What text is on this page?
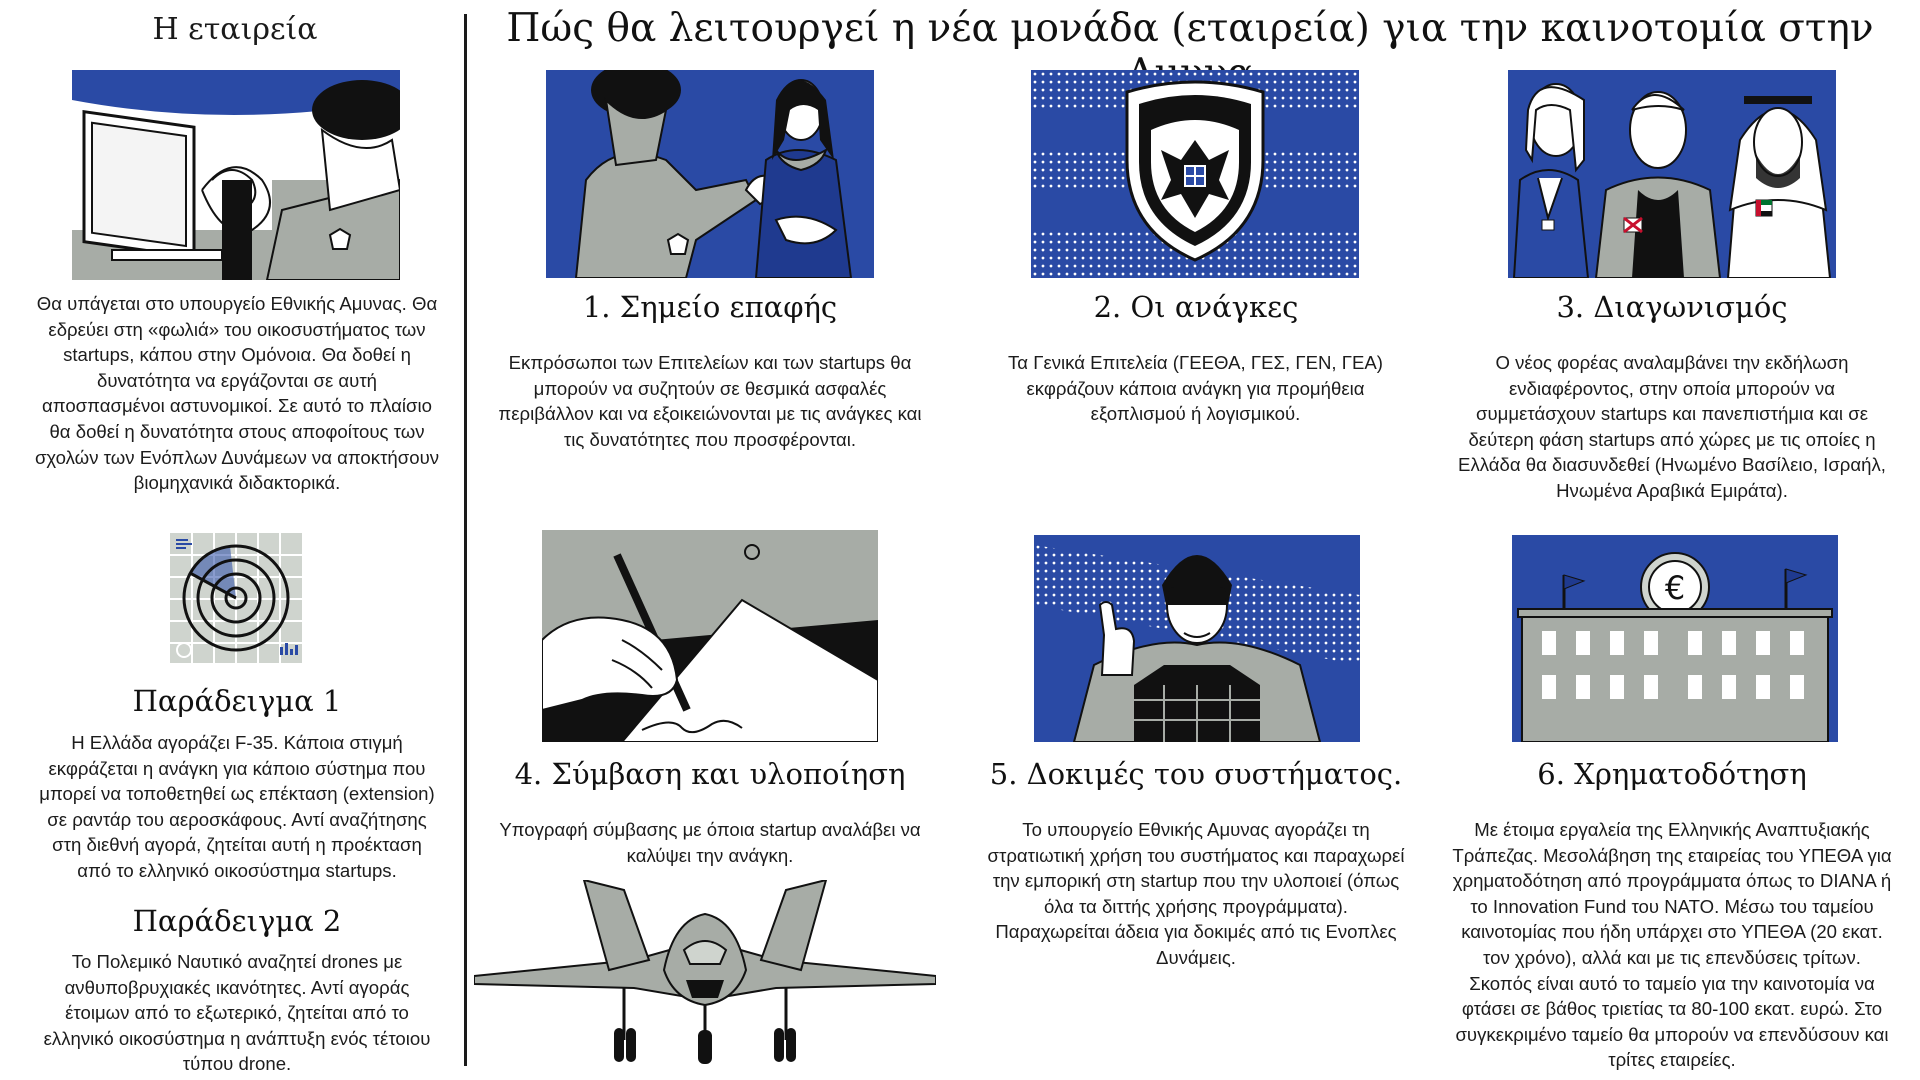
Πώς θα λειτουργεί η νέα μονάδα (εταιρεία) για την καινοτομία στην
Η εταιρεία
Θα υπάγεται στο υπουργείο Εθνικής Αμυνας. Θα εδρεύει στη «φωλιά» του οικοσυστήματος των startups, κάπου στην Ομόνοια. Θα δοθεί η δυνατότητα να εργάζονται σε αυτή αποσπασμένοι αστυνομικοί. Σε αυτό το πλαίσιο θα δοθεί η δυνατότητα στους αποφοίτους των σχολών των Ενόπλων Δυνάμεων να αποκτήσουν βιομηχανικά διδακτορικά.
Παράδειγμα 1
Η Ελλάδα αγοράζει F-35. Κάποια στιγμή εκφράζεται η ανάγκη για κάποιο σύστημα που μπορεί να τοποθετηθεί ως επέκταση (extension) σε ραντάρ του αεροσκάφους. Αντί αναζήτησης στη διεθνή αγορά, ζητείται αυτή η προέκταση από το ελληνικό οικοσύστημα startups.
Παράδειγμα 2
Το Πολεμικό Ναυτικό αναζητεί drones με ανθυποβρυχιακές ικανότητες. Αντί αγοράς έτοιμων από το εξωτερικό, ζητείται από το ελληνικό οικοσύστημα η ανάπτυξη ενός τέτοιου τύπου drone.
1. Σημείο επαφής
Εκπρόσωποι των Επιτελείων και των startups θα μπορούν να συζητούν σε θεσμικά ασφαλές περιβάλλον και να εξοικειώνονται με τις ανάγκες και τις δυνατότητες που προσφέρονται.
2. Οι ανάγκες
Τα Γενικά Επιτελεία (ΓΕΕΘΑ, ΓΕΣ, ΓΕΝ, ΓΕΑ) εκφράζουν κάποια ανάγκη για προμήθεια εξοπλισμού ή λογισμικού.
3. Διαγωνισμός
Ο νέος φορέας αναλαμβάνει την εκδήλωση ενδιαφέροντος, στην οποία μπορούν να συμμετάσχουν startups και πανεπιστήμια και σε δεύτερη φάση startups από χώρες με τις οποίες η Ελλάδα θα διασυνδεθεί (Ηνωμένο Βασίλειο, Ισραήλ, Ηνωμένα Αραβικά Εμιράτα).
4. Σύμβαση και υλοποίηση
Υπογραφή σύμβασης με όποια startup αναλάβει να καλύψει την ανάγκη.
5. Δοκιμές του συστήματος.
Το υπουργείο Εθνικής Αμυνας αγοράζει τη στρατιωτική χρήση του συστήματος και παραχωρεί την εμπορική στη startup που την υλοποιεί (όπως όλα τα διττής χρήσης προγράμματα). Παραχωρείται άδεια για δοκιμές από τις Ενοπλες Δυνάμεις.
€
6. Χρηματοδότηση
Με έτοιμα εργαλεία της Ελληνικής Αναπτυξιακής Τράπεζας. Μεσολάβηση της εταιρείας του ΥΠΕΘΑ για χρηματοδότηση από προγράμματα όπως το DIANA ή το Innovation Fund του ΝΑΤΟ. Μέσω του ταμείου καινοτομίας που ήδη υπάρχει στο ΥΠΕΘΑ (20 εκατ. τον χρόνο), αλλά και με τις επενδύσεις τρίτων. Σκοπός είναι αυτό το ταμείο για την καινοτομία να φτάσει σε βάθος τριετίας τα 80-100 εκατ. ευρώ. Στο συγκεκριμένο ταμείο θα μπορούν να επενδύσουν και τρίτες εταιρείες.
